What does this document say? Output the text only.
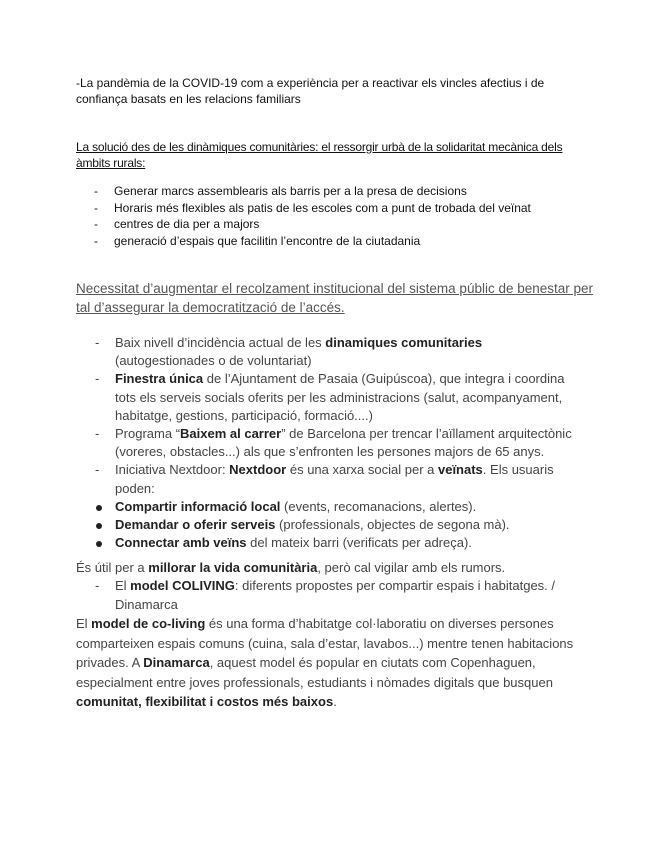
-La pandèmia de la COVID-19 com a experiència per a reactivar els vincles afectius i de
confiança basats en les relacions familiars
La solució des de les dinàmiques comunitàries: el ressorgir urbà de la solidaritat mecànica dels àmbits rurals:
- Generar marcs assemblearis als barris per a la presa de decisions
- Horaris més flexibles als patis de les escoles com a punt de trobada del veïnat
- centres de dia per a majors
- generació d’espais que facilitin l’encontre de la ciutadania
Necessitat d’augmentar el recolzament institucional del sistema públic de benestar per tal d’assegurar la democratització de l’accés.
- Baix nivell d’incidència actual de les dinamiques comunitaries (autogestionades o de voluntariat)
- Finestra única de l’Ajuntament de Pasaia (Guipúscoa), que integra i coordina tots els serveis socials oferits per les administracions (salut, acompanyament, habitatge, gestions, participació, formació....)
- Programa “Baixem al carrer” de Barcelona per trencar l’aïllament arquitectònic (voreres, obstacles...) als que s’enfronten les persones majors de 65 anys.
- Iniciativa Nextdoor: Nextdoor és una xarxa social per a veïnats. Els usuaris poden:
Compartir informació local (events, recomanacions, alertes).
Demandar o oferir serveis (professionals, objectes de segona mà).
Connectar amb veïns del mateix barri (verificats per adreça).
És útil per a millorar la vida comunitària, però cal vigilar amb els rumors.
- El model COLIVING: diferents propostes per compartir espais i habitatges. / Dinamarca
El model de co-living és una forma d’habitatge col·laboratiu on diverses persones comparteixen espais comuns (cuina, sala d’estar, lavabos...) mentre tenen habitacions privades. A Dinamarca, aquest model és popular en ciutats com Copenhaguen, especialment entre joves professionals, estudiants i nòmades digitals que busquen comunitat, flexibilitat i costos més baixos.
